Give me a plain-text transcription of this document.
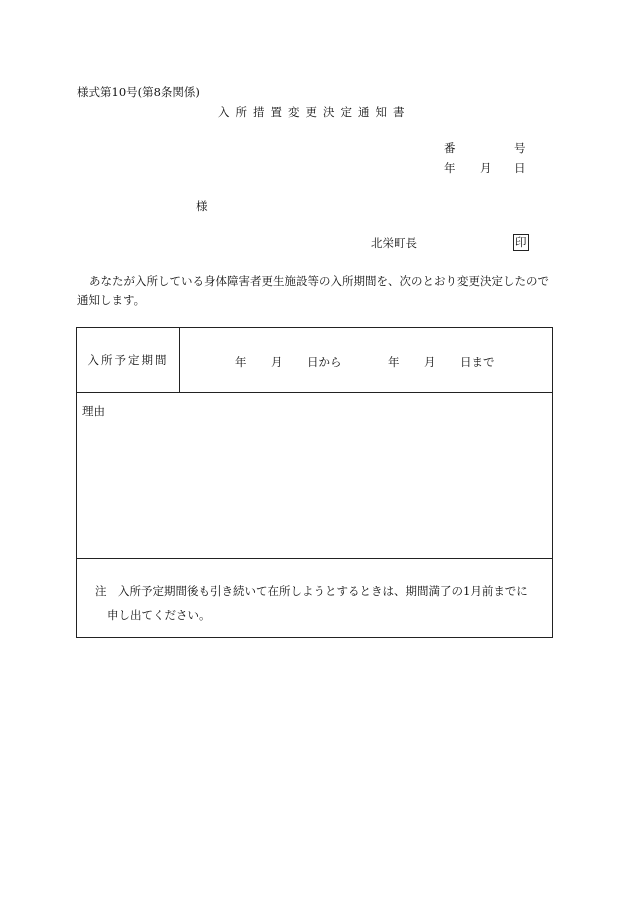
様式第10号(第8条関係)
入所措置変更決定通知書
番	号
年 月 日
様
北栄町長	印
あなたが入所している身体障害者更生施設等の入所期間を、次のとおり変更決定したので通知します。
入所予定期間	年 月 日から	年 月 日まで

理由

注　入所予定期間後も引き続いて在所しようとするときは、期間満了の1月前までに
申し出てください。
